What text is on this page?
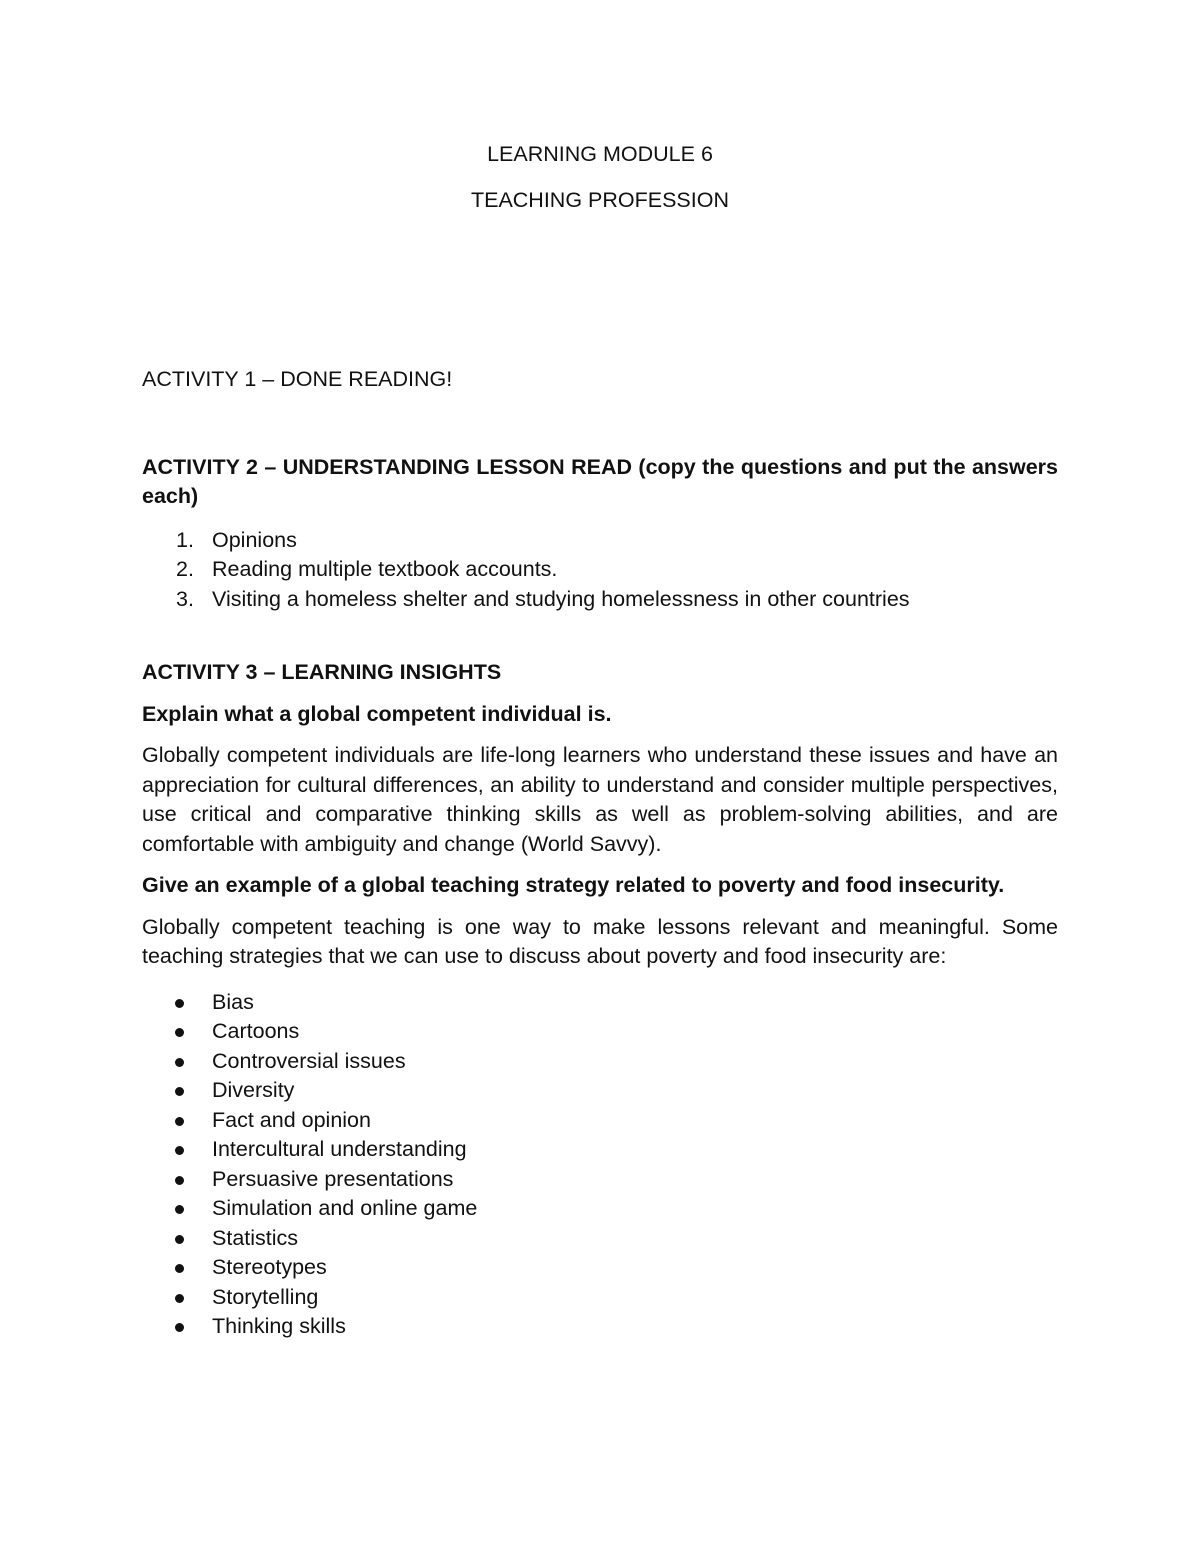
LEARNING MODULE 6

TEACHING PROFESSION

ACTIVITY 1 – DONE READING!

ACTIVITY 2 – UNDERSTANDING LESSON READ (copy the questions and put the answers each)

1. Opinions
2. Reading multiple textbook accounts.
3. Visiting a homeless shelter and studying homelessness in other countries

ACTIVITY 3 – LEARNING INSIGHTS

Explain what a global competent individual is.

Globally competent individuals are life-long learners who understand these issues and have an appreciation for cultural differences, an ability to understand and consider multiple perspectives, use critical and comparative thinking skills as well as problem-solving abilities, and are comfortable with ambiguity and change (World Savvy).

Give an example of a global teaching strategy related to poverty and food insecurity.

Globally competent teaching is one way to make lessons relevant and meaningful. Some teaching strategies that we can use to discuss about poverty and food insecurity are:

Bias
Cartoons
Controversial issues
Diversity
Fact and opinion
Intercultural understanding
Persuasive presentations
Simulation and online game
Statistics
Stereotypes
Storytelling
Thinking skills
